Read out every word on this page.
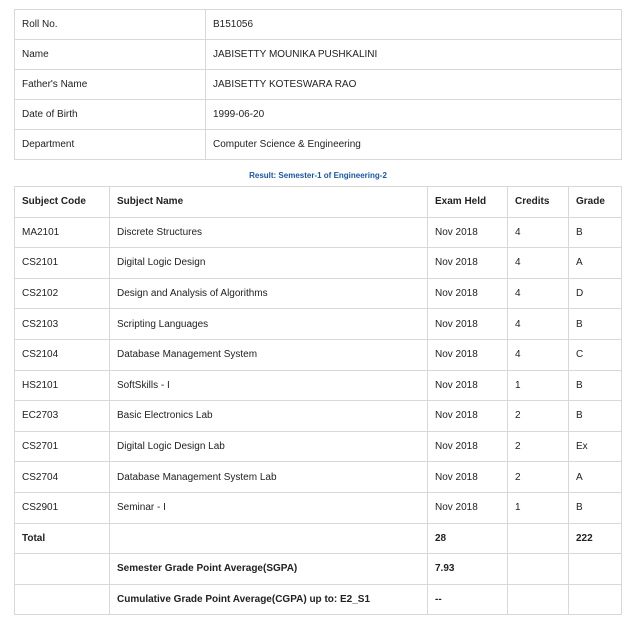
Roll No.	B151056
Name	JABISETTY MOUNIKA PUSHKALINI
Father's Name	JABISETTY KOTESWARA RAO
Date of Birth	1999-06-20
Department	Computer Science & Engineering
Result: Semester-1 of Engineering-2
Subject Code	Subject Name	Exam Held	Credits	Grade
MA2101	Discrete Structures	Nov 2018	4	B
CS2101	Digital Logic Design	Nov 2018	4	A
CS2102	Design and Analysis of Algorithms	Nov 2018	4	D
CS2103	Scripting Languages	Nov 2018	4	B
CS2104	Database Management System	Nov 2018	4	C
HS2101	SoftSkills - I	Nov 2018	1	B
EC2703	Basic Electronics Lab	Nov 2018	2	B
CS2701	Digital Logic Design Lab	Nov 2018	2	Ex
CS2704	Database Management System Lab	Nov 2018	2	A
CS2901	Seminar - I	Nov 2018	1	B
Total		28		222
	Semester Grade Point Average(SGPA)	7.93		
	Cumulative Grade Point Average(CGPA) up to: E2_S1	--		
